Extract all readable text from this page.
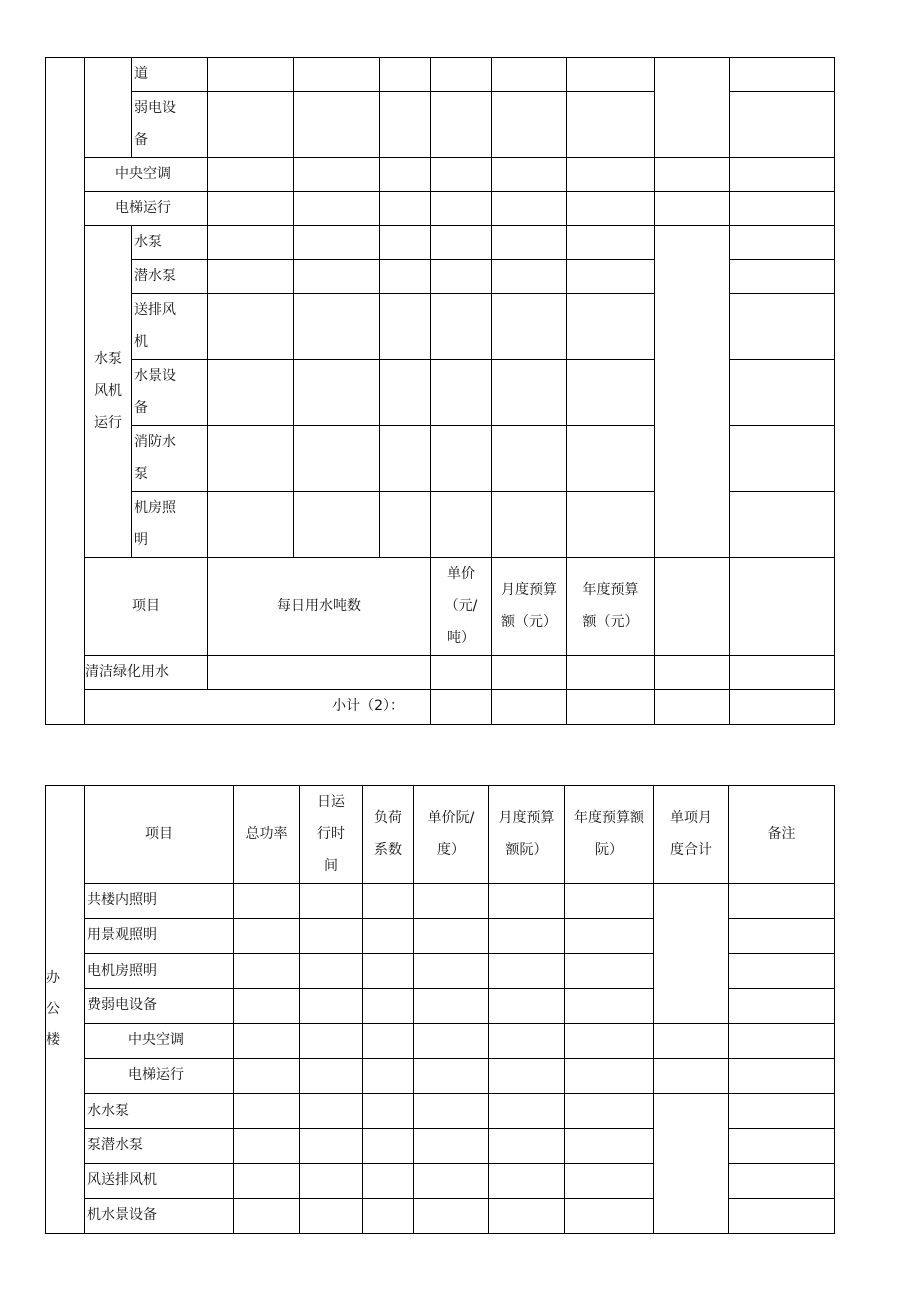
		道								
		弱电设备								
	中央空调									
	电梯运行									
	水泵风机运行	水泵								
		潜水泵								
		送排风机								
		水景设备								
		消防水泵								
		机房照明								
	项目		每日用水吨数			单价（元/吨）	月度预算额（元）	年度预算额（元）		
	清洁绿化用水									
	小计（2）：									
办公楼	项目	总功率	日运行时间	负荷系数	单价阮/度）	月度预算额阮）	年度预算额阮）	单项月度合计	备注
	共楼内照明								
	用景观照明								
	电机房照明								
	费弱电设备								
	中央空调								
	电梯运行								
	水水泵								
	泵潜水泵								
	风送排风机								
	机水景设备								
